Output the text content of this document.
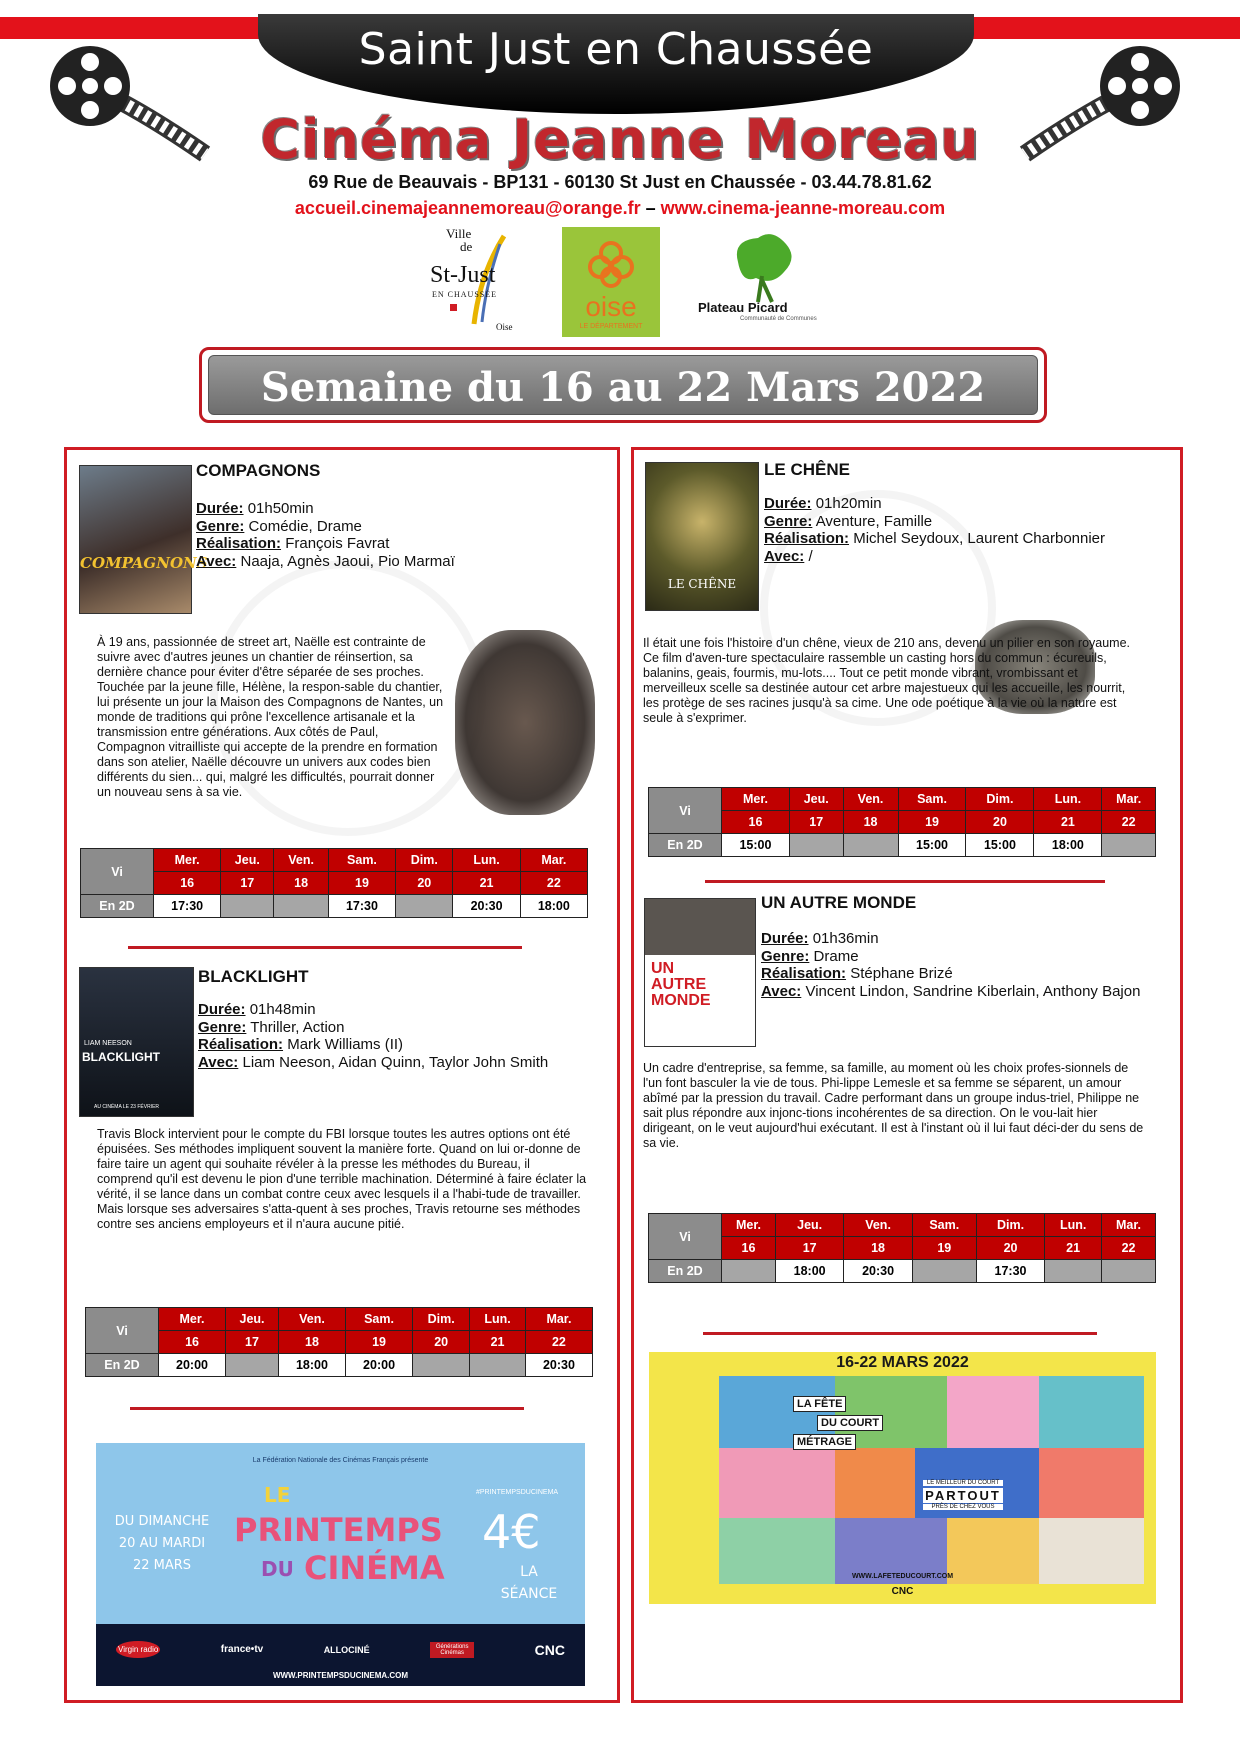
Saint Just en Chaussée
Cinéma Jeanne Moreau
69 Rue de Beauvais - BP131 - 60130 St Just en Chaussée - 03.44.78.81.62
accueil.cinemajeannemoreau@orange.fr – www.cinema-jeanne-moreau.com
Ville
de
St-Just
EN CHAUSSÉE
Oise
oise
LE DÉPARTEMENT
Plateau Picard
Communauté de Communes
Semaine du 16 au 22 Mars 2022
COMPAGNONS
COMPAGNONS
Durée: 01h50min
Genre: Comédie, Drame
Réalisation: François Favrat
Avec: Naaja, Agnès Jaoui, Pio Marmaï
À 19 ans, passionnée de street art, Naëlle est contrainte de suivre avec d'autres jeunes un chantier de réinsertion, sa dernière chance pour éviter d'être séparée de ses proches. Touchée par la jeune fille, Hélène, la respon-sable du chantier, lui présente un jour la Maison des Compagnons de Nantes, un monde de traditions qui prône l'excellence artisanale et la transmission entre générations. Aux côtés de Paul, Compagnon vitrailliste qui accepte de la prendre en formation dans son atelier, Naëlle découvre un univers aux codes bien différents du sien... qui, malgré les difficultés, pourrait donner un nouveau sens à sa vie.
Vi	Mer.	Jeu.	Ven.	Sam.	Dim.	Lun.	Mar.
	16	17	18	19	20	21	22
En 2D	17:30			17:30		20:30	18:00
LIAM NEESON
BLACKLIGHT
AU CINÉMA LE 23 FÉVRIER
BLACKLIGHT
Durée: 01h48min
Genre: Thriller, Action
Réalisation: Mark Williams (II)
Avec: Liam Neeson, Aidan Quinn, Taylor John Smith
Travis Block intervient pour le compte du FBI lorsque toutes les autres options ont été épuisées. Ses méthodes impliquent souvent la manière forte. Quand on lui or-donne de faire taire un agent qui souhaite révéler à la presse les méthodes du Bureau, il comprend qu'il est devenu le pion d'une terrible machination. Déterminé à faire éclater la vérité, il se lance dans un combat contre ceux avec lesquels il a l'habi-tude de travailler. Mais lorsque ses adversaires s'atta-quent à ses proches, Travis retourne ses méthodes contre ses anciens employeurs et il n'aura aucune pitié.
Vi	Mer.	Jeu.	Ven.	Sam.	Dim.	Lun.	Mar.
	16	17	18	19	20	21	22
En 2D	20:00		18:00	20:00			20:30
La Fédération Nationale des Cinémas Français présente
DU DIMANCHE 20 AU MARDI 22 MARS
LE
PRINTEMPS
DU CINÉMA
#PRINTEMPSDUCINEMA
4€
LA SÉANCE
Virgin radio	france•tv	ALLOCINÉ	Générations Cinémas	CNC
WWW.PRINTEMPSDUCINEMA.COM
LE CHÊNE
LE CHÊNE
Durée: 01h20min
Genre: Aventure, Famille
Réalisation: Michel Seydoux, Laurent Charbonnier
Avec: /
Il était une fois l'histoire d'un chêne, vieux de 210 ans, devenu un pilier en son royaume. Ce film d'aven-ture spectaculaire rassemble un casting hors du commun : écureuils, balanins, geais, fourmis, mu-lots.... Tout ce petit monde vibrant, vrombissant et merveilleux scelle sa destinée autour cet arbre majestueux qui les accueille, les nourrit, les protège de ses racines jusqu'à sa cime. Une ode poétique à la vie où la nature est seule à s'exprimer.
Vi	Mer.	Jeu.	Ven.	Sam.	Dim.	Lun.	Mar.
	16	17	18	19	20	21	22
En 2D	15:00			15:00	15:00	18:00	
UN AUTRE MONDE
UN AUTRE MONDE
Durée: 01h36min
Genre: Drame
Réalisation: Stéphane Brizé
Avec: Vincent Lindon, Sandrine Kiberlain, Anthony Bajon
Un cadre d'entreprise, sa femme, sa famille, au moment où les choix profes-sionnels de l'un font basculer la vie de tous. Phi-lippe Lemesle et sa femme se séparent, un amour abîmé par la pression du travail. Cadre performant dans un groupe indus-triel, Philippe ne sait plus répondre aux injonc-tions incohérentes de sa direction. On le vou-lait hier dirigeant, on le veut aujourd'hui exécutant. Il est à l'instant où il lui faut déci-der du sens de sa vie.
Vi	Mer.	Jeu.	Ven.	Sam.	Dim.	Lun.	Mar.
	16	17	18	19	20	21	22
En 2D		18:00	20:30		17:30		
16-22 MARS 2022
LA FÊTE
DU COURT
MÉTRAGE
LE MEILLEUR DU COURT
PARTOUT
PRÈS DE CHEZ VOUS
WWW.LAFETEDUCOURT.COM
CNC
